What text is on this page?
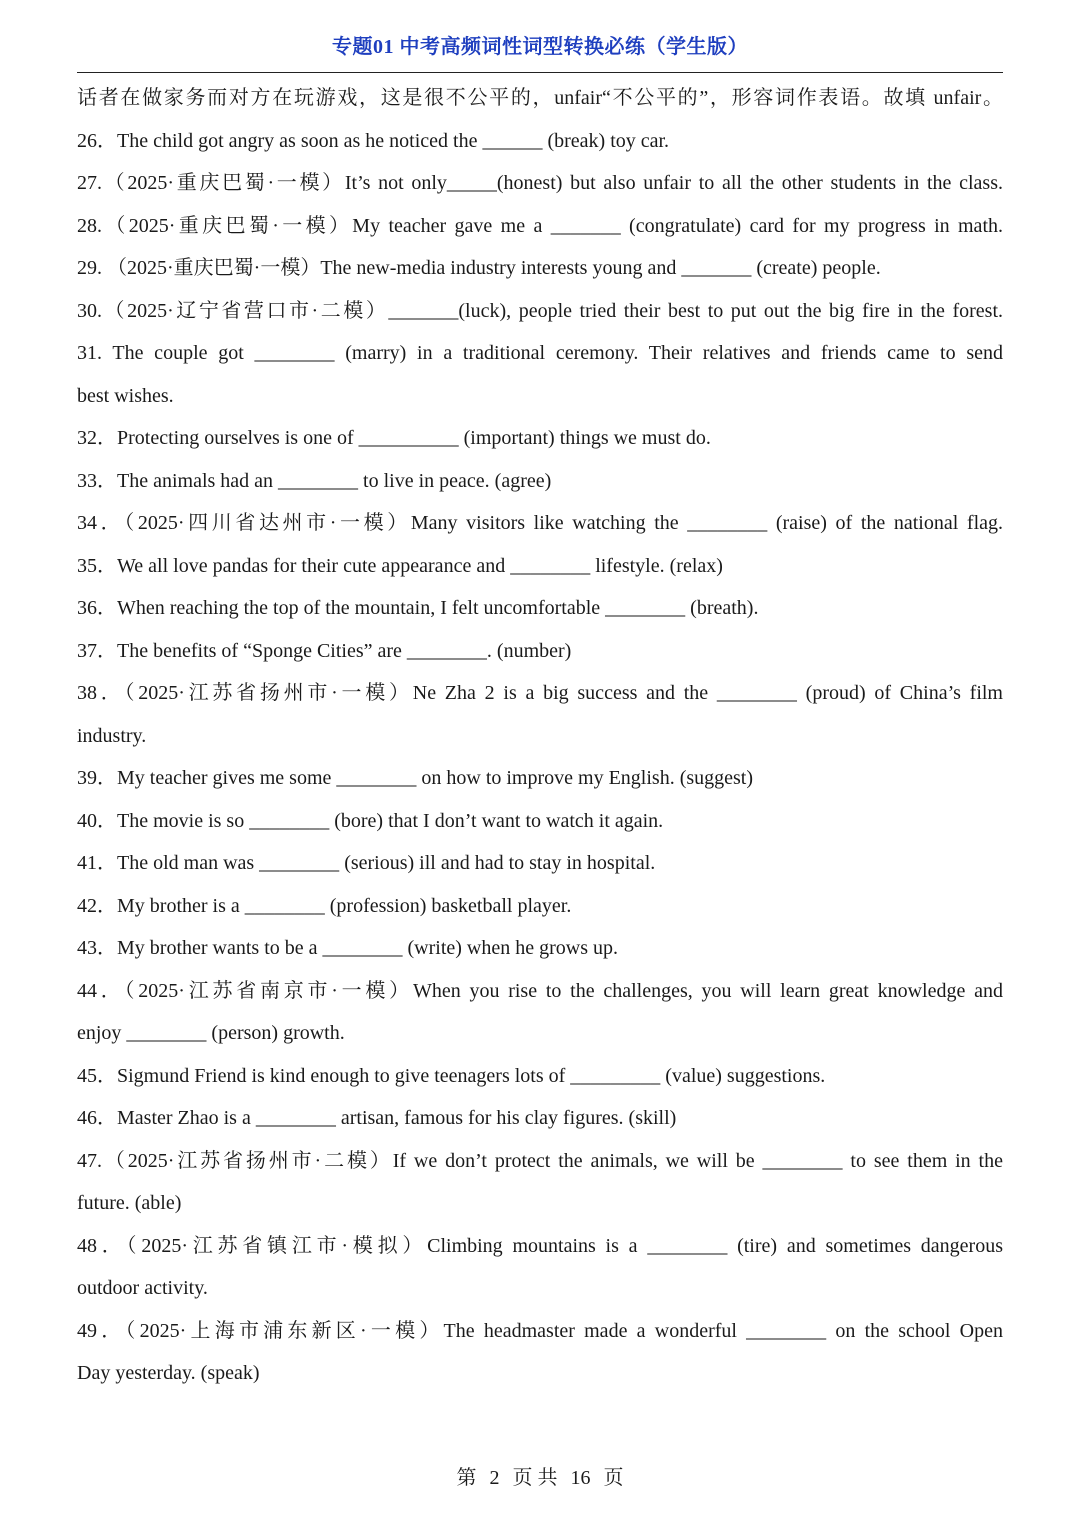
专题01 中考高频词性词型转换必练（学生版）
话者在做家务而对方在玩游戏，这是很不公平的，unfair“不公平的”，形容词作表语。故填 unfair。
26．The child got angry as soon as he noticed the ______ (break) toy car.
27.（2025·重庆巴蜀·一模）It’s not only_____(honest) but also unfair to all the other students in the class.
28.（2025·重庆巴蜀·一模）My teacher gave me a _______ (congratulate) card for my progress in math.
29. （2025·重庆巴蜀·一模）The new-media industry interests young and _______ (create) people.
30.（2025·辽宁省营口市·二模）_______(luck), people tried their best to put out the big fire in the forest.
31. The couple got ________ (marry) in a traditional ceremony. Their relatives and friends came to send
best wishes.
32．Protecting ourselves is one of __________ (important) things we must do.
33．The animals had an ________ to live in peace. (agree)
34．（2025·四川省达州市·一模）Many visitors like watching the ________ (raise) of the national flag.
35．We all love pandas for their cute appearance and ________ lifestyle. (relax)
36．When reaching the top of the mountain, I felt uncomfortable ________ (breath).
37．The benefits of “Sponge Cities” are ________. (number)
38．（2025·江苏省扬州市·一模）Ne Zha 2 is a big success and the ________ (proud) of China’s film
industry.
39．My teacher gives me some ________ on how to improve my English. (suggest)
40．The movie is so ________ (bore) that I don’t want to watch it again.
41．The old man was ________ (serious) ill and had to stay in hospital.
42．My brother is a ________ (profession) basketball player.
43．My brother wants to be a ________ (write) when he grows up.
44．（2025·江苏省南京市·一模）When you rise to the challenges, you will learn great knowledge and
enjoy ________ (person) growth.
45．Sigmund Friend is kind enough to give teenagers lots of _________ (value) suggestions.
46．Master Zhao is a ________ artisan, famous for his clay figures. (skill)
47.（2025·江苏省扬州市·二模）If we don’t protect the animals, we will be ________ to see them in the
future. (able)
48．（2025·江苏省镇江市·模拟）Climbing mountains is a ________ (tire) and sometimes dangerous
outdoor activity.
49．（2025·上海市浦东新区·一模）The headmaster made a wonderful ________ on the school Open
Day yesterday. (speak)
第 2 页 共 16 页
